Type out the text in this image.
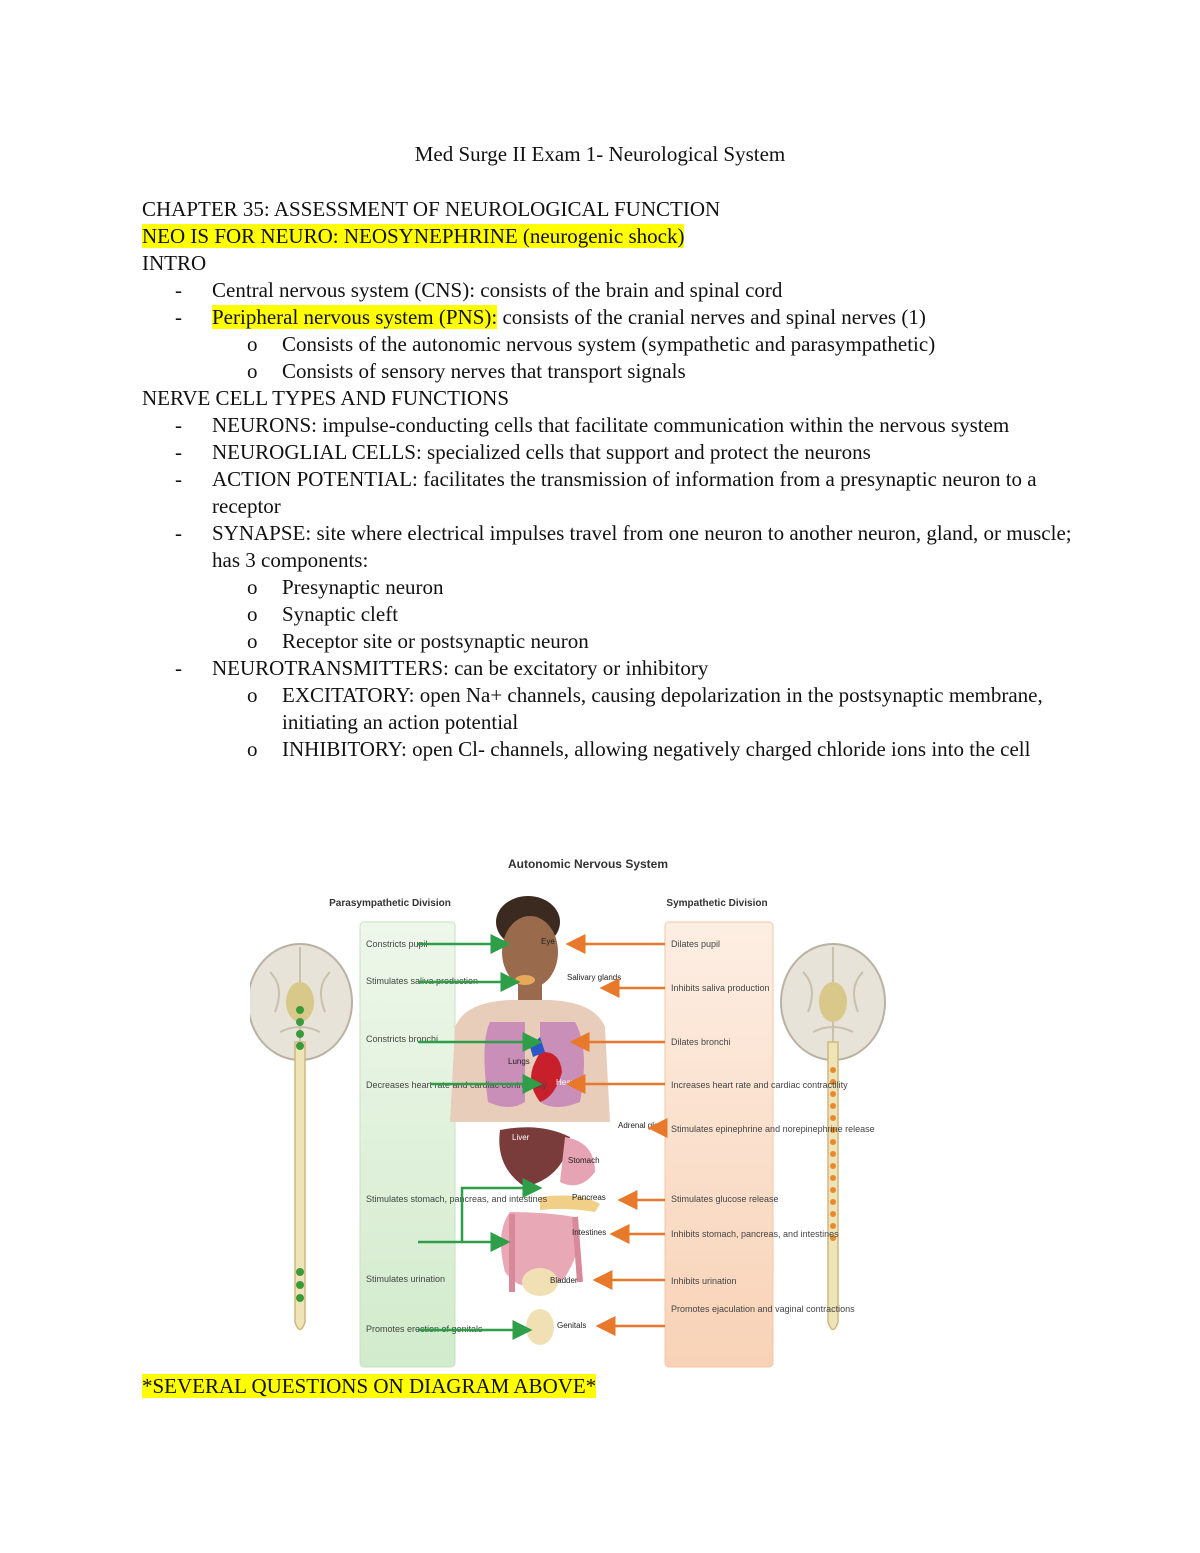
Med Surge II Exam 1- Neurological System
CHAPTER 35: ASSESSMENT OF NEUROLOGICAL FUNCTION
NEO IS FOR NEURO: NEOSYNEPHRINE (neurogenic shock)
INTRO
- Central nervous system (CNS): consists of the brain and spinal cord
- Peripheral nervous system (PNS): consists of the cranial nerves and spinal nerves (1)
o Consists of the autonomic nervous system (sympathetic and parasympathetic)
o Consists of sensory nerves that transport signals
NERVE CELL TYPES AND FUNCTIONS
- NEURONS: impulse-conducting cells that facilitate communication within the nervous system
- NEUROGLIAL CELLS: specialized cells that support and protect the neurons
- ACTION POTENTIAL: facilitates the transmission of information from a presynaptic neuron to a receptor
- SYNAPSE: site where electrical impulses travel from one neuron to another neuron, gland, or muscle; has 3 components:
o Presynaptic neuron
o Synaptic cleft
o Receptor site or postsynaptic neuron
- NEUROTRANSMITTERS: can be excitatory or inhibitory
o EXCITATORY: open Na+ channels, causing depolarization in the postsynaptic membrane, initiating an action potential
o INHIBITORY: open Cl- channels, allowing negatively charged chloride ions into the cell
Autonomic Nervous System
Parasympathetic Division	Sympathetic Division
Eye
Salivary glands
Lungs
Heart
Liver
Adrenal gland
Stomach
Pancreas
Intestines
Bladder
Genitals
Constricts pupil
Stimulates saliva production
Constricts bronchi
Decreases heart rate and cardiac contractility
Stimulates stomach, pancreas, and intestines
Stimulates urination
Promotes erection of genitals
Dilates pupil
Inhibits saliva production
Dilates bronchi
Increases heart rate and cardiac contractility
Stimulates epinephrine and norepinephrine release
Stimulates glucose release
Inhibits stomach, pancreas, and intestines
Inhibits urination
Promotes ejaculation and vaginal contractions
*SEVERAL QUESTIONS ON DIAGRAM ABOVE*
